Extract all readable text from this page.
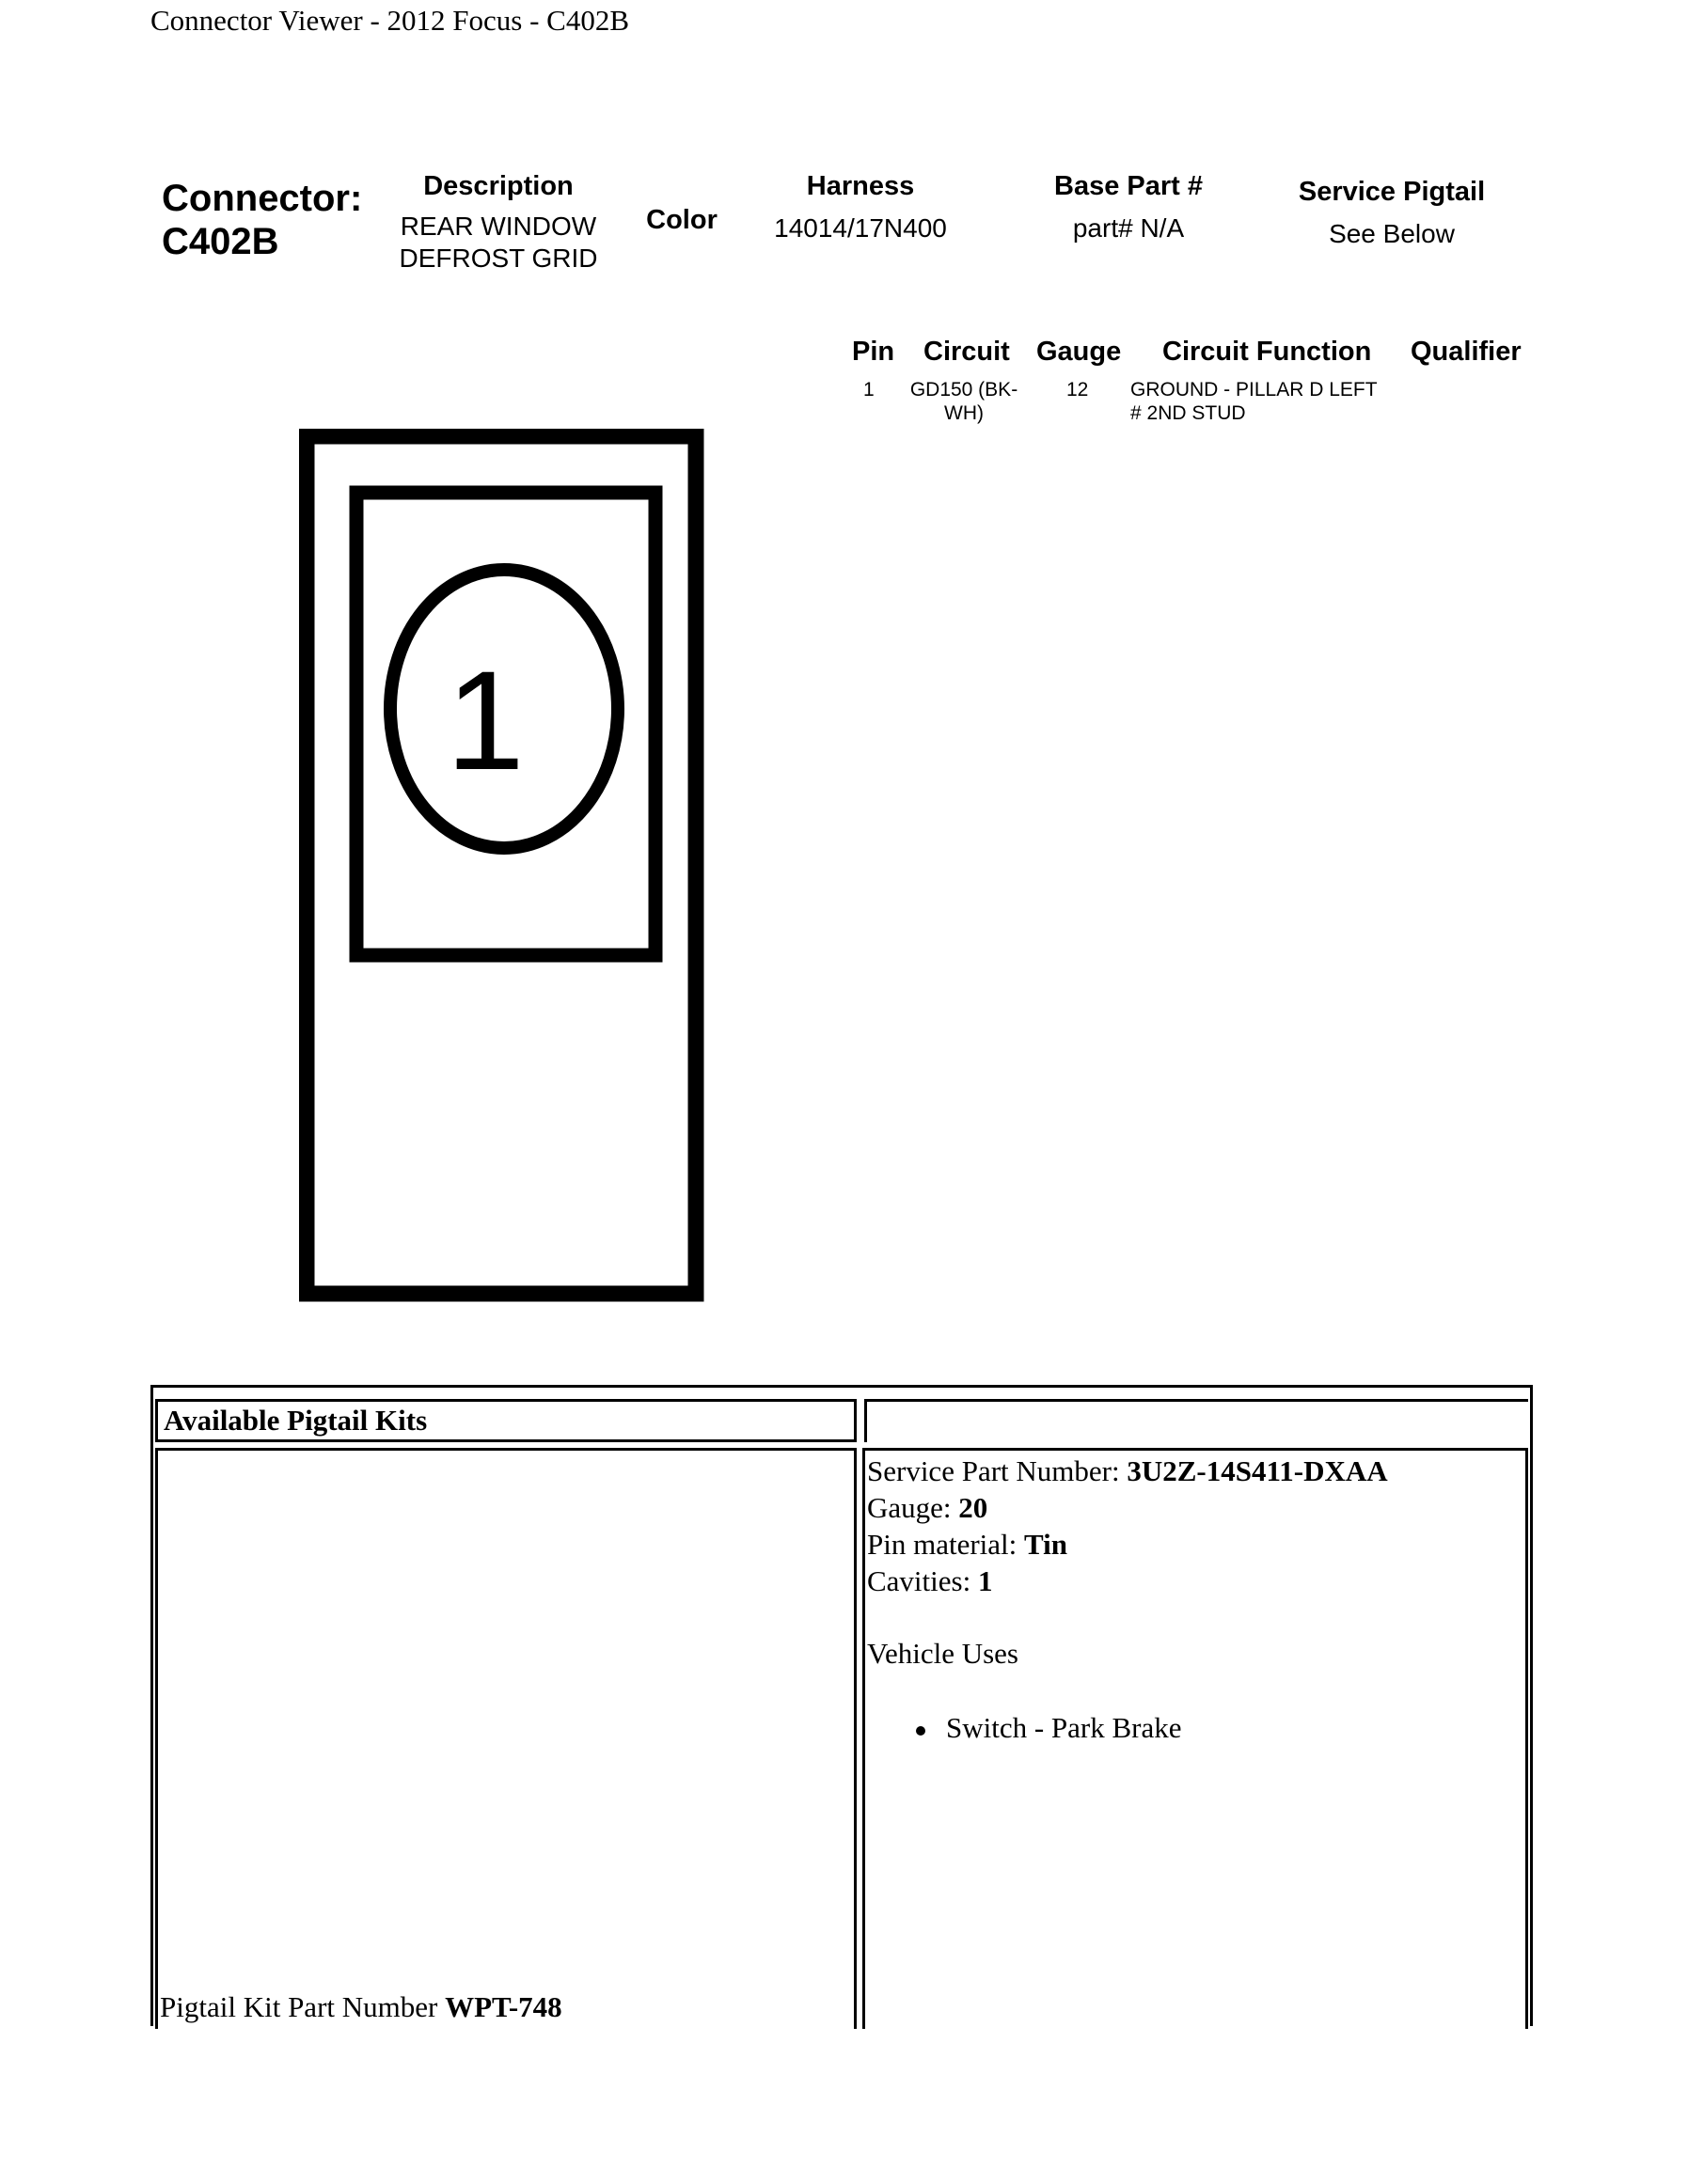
Connector Viewer - 2012 Focus - C402B
Connector:
C402B
Description
REAR WINDOW
DEFROST GRID
Color
Harness
14014/17N400
Base Part #
part# N/A
Service Pigtail
See Below
Pin Circuit Gauge Circuit Function Qualifier
1	GD150 (BK-
WH)
12 GROUND - PILLAR D LEFT
# 2ND STUD
1
Available Pigtail Kits
Pigtail Kit Part Number WPT-748
Service Part Number: 3U2Z-14S411-DXAA
Gauge: 20
Pin material: Tin
Cavities: 1
Vehicle Uses
Switch - Park Brake
